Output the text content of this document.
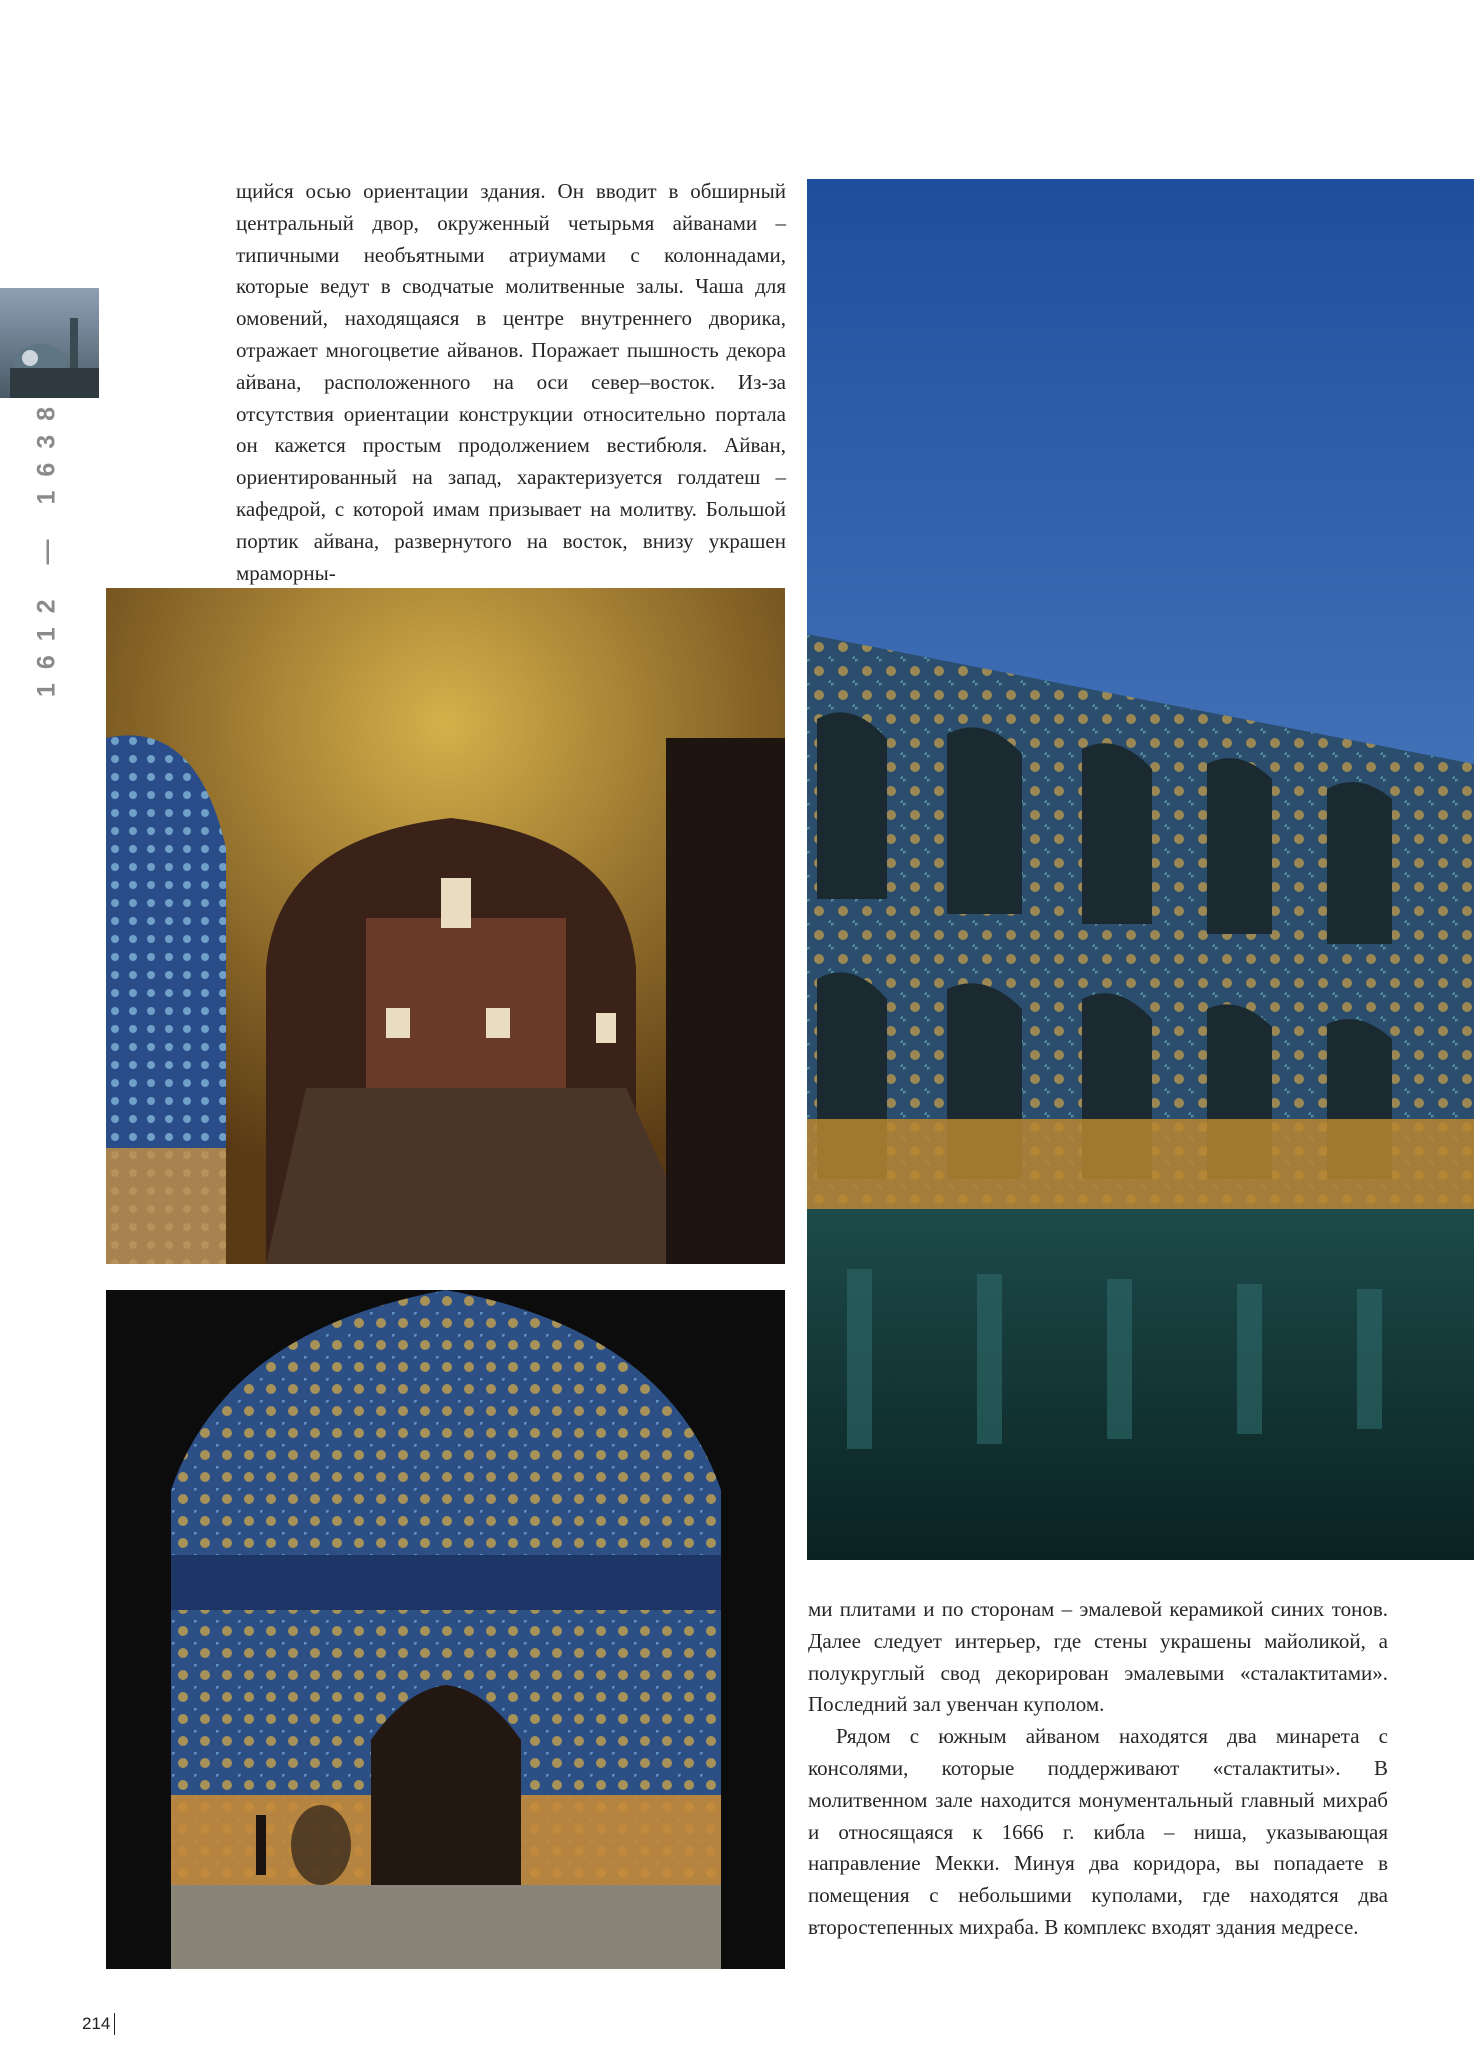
1612 — 1638

щийся осью ориентации здания. Он вводит в обширный центральный двор, окруженный четырьмя айванами – типичными необъятными атриумами с колоннадами, которые ведут в сводчатые молитвенные залы. Чаша для омовений, находящаяся в центре внутреннего дворика, отражает многоцветие айванов. Поражает пышность декора айвана, расположенного на оси север–восток. Из-за отсутствия ориентации конструкции относительно портала он кажется простым продолжением вестибюля. Айван, ориентированный на запад, характеризуется голдатеш – кафедрой, с которой имам призывает на молитву. Большой портик айвана, развернутого на восток, внизу украшен мраморны-

ми плитами и по сторонам – эмалевой керамикой синих тонов. Далее следует интерьер, где стены украшены майоликой, а полукруглый свод декорирован эмалевыми «сталактитами». Последний зал увенчан куполом.

Рядом с южным айваном находятся два минарета с консолями, которые поддерживают «сталактиты». В молитвенном зале находится монументальный главный михраб и относящаяся к 1666 г. кибла – ниша, указывающая направление Мекки. Минуя два коридора, вы попадаете в помещения с небольшими куполами, где находятся два второстепенных михраба. В комплекс входят здания медресе.

214
